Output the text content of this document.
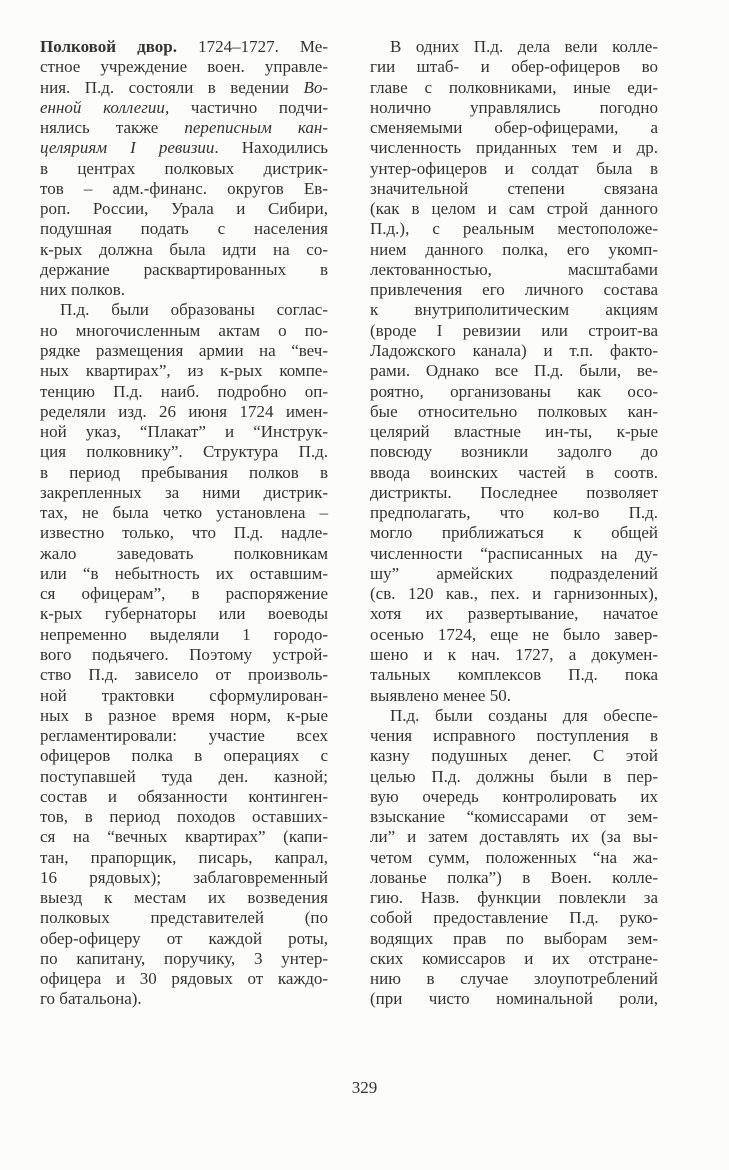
Полковой двор. 1724–1727. Ме-
стное учреждение воен. управле-
ния. П.д. состояли в ведении Во-
енной коллегии, частично подчи-
нялись также переписным кан-
целяриям I ревизии. Находились
в центрах полковых дистрик-
тов – адм.-финанс. округов Ев-
роп. России, Урала и Сибири,
подушная подать с населения
к-рых должна была идти на со-
держание расквартированных в
них полков.
П.д. были образованы соглас-
но многочисленным актам о по-
рядке размещения армии на “веч-
ных квартирах”, из к-рых компе-
тенцию П.д. наиб. подробно оп-
ределяли изд. 26 июня 1724 имен-
ной указ, “Плакат” и “Инструк-
ция полковнику”. Структура П.д.
в период пребывания полков в
закрепленных за ними дистрик-
тах, не была четко установлена –
известно только, что П.д. надле-
жало заведовать полковникам
или “в небытность их оставшим-
ся офицерам”, в распоряжение
к-рых губернаторы или воеводы
непременно выделяли 1 городо-
вого подьячего. Поэтому устрой-
ство П.д. зависело от произволь-
ной трактовки сформулирован-
ных в разное время норм, к-рые
регламентировали: участие всех
офицеров полка в операциях с
поступавшей туда ден. казной;
состав и обязанности континген-
тов, в период походов оставших-
ся на “вечных квартирах” (капи-
тан, прапорщик, писарь, капрал,
16 рядовых); заблаговременный
выезд к местам их возведения
полковых представителей (по
обер-офицеру от каждой роты,
по капитану, поручику, 3 унтер-
офицера и 30 рядовых от каждо-
го батальона).
В одних П.д. дела вели колле-
гии штаб- и обер-офицеров во
главе с полковниками, иные еди-
нолично управлялись погодно
сменяемыми обер-офицерами, а
численность приданных тем и др.
унтер-офицеров и солдат была в
значительной степени связана
(как в целом и сам строй данного
П.д.), с реальным местоположе-
нием данного полка, его укомп-
лектованностью, масштабами
привлечения его личного состава
к внутриполитическим акциям
(вроде I ревизии или строит-ва
Ладожского канала) и т.п. факто-
рами. Однако все П.д. были, ве-
роятно, организованы как осо-
бые относительно полковых кан-
целярий властные ин-ты, к-рые
повсюду возникли задолго до
ввода воинских частей в соотв.
дистрикты. Последнее позволяет
предполагать, что кол-во П.д.
могло приближаться к общей
численности “расписанных на ду-
шу” армейских подразделений
(св. 120 кав., пех. и гарнизонных),
хотя их развертывание, начатое
осенью 1724, еще не было завер-
шено и к нач. 1727, а докумен-
тальных комплексов П.д. пока
выявлено менее 50.
П.д. были созданы для обеспе-
чения исправного поступления в
казну подушных денег. С этой
целью П.д. должны были в пер-
вую очередь контролировать их
взыскание “комиссарами от зем-
ли” и затем доставлять их (за вы-
четом сумм, положенных “на жа-
лованье полка”) в Воен. колле-
гию. Назв. функции повлекли за
собой предоставление П.д. руко-
водящих прав по выборам зем-
ских комиссаров и их отстране-
нию в случае злоупотреблений
(при чисто номинальной роли,
329
